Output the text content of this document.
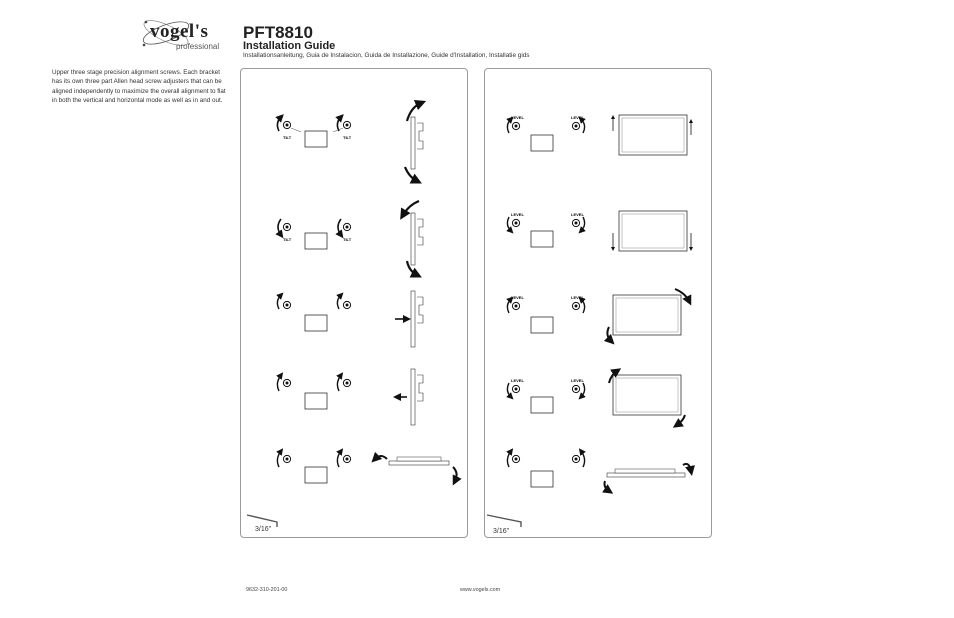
vogel's
professional
PFT8810
Installation Guide
Installationsanleitung, Guia de Instalacion, Guida de Installazione, Guide d'Installation, Installatie gids
Upper three stage precision alignment screws. Each bracket has its own three part Allen head screw adjusters that can be aligned independently to maximize the overall alignment to flat in both the vertical and horizontal mode as well as in and out.
TILT	TILT
TILT	TILT
3/16"
LEVEL	LEVEL
LEVEL	LEVEL
LEVEL	LEVEL
LEVEL	LEVEL
3/16"
9632-310-201-00	www.vogels.com
